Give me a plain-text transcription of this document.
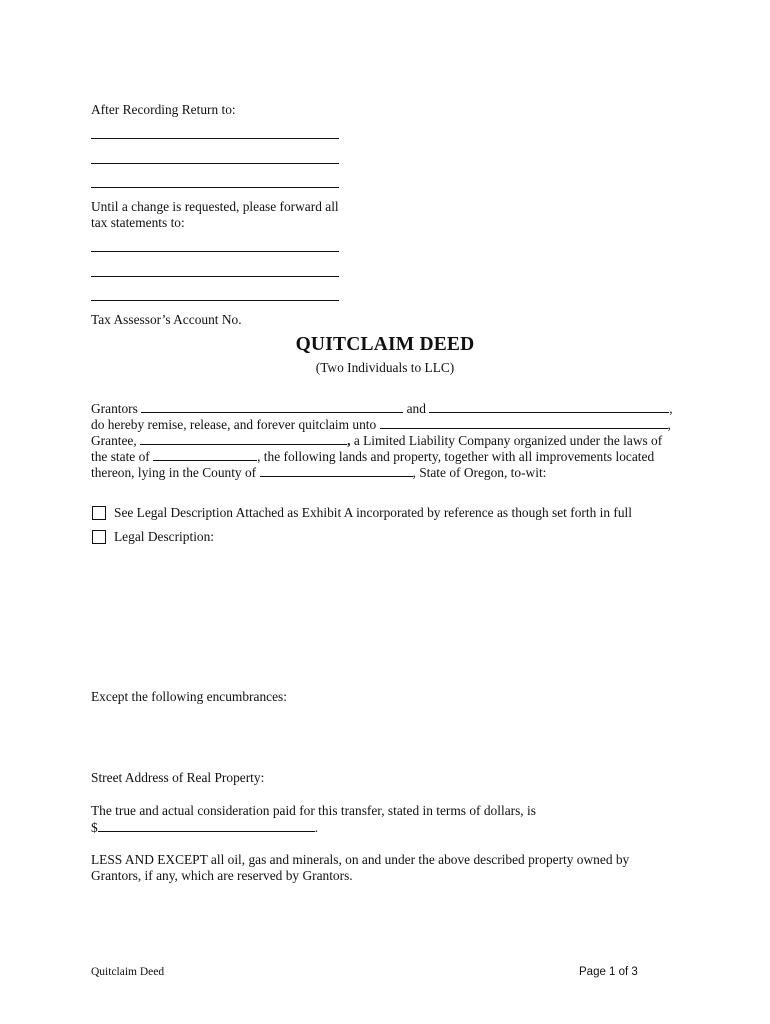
After Recording Return to:
Until a change is requested, please forward all
tax statements to:
Tax Assessor’s Account No.
QUITCLAIM DEED
(Two Individuals to LLC)
Grantors	and	,
do hereby remise, release, and forever quitclaim unto	,
Grantee,	, a Limited Liability Company organized under the laws of
the state of	, the following lands and property, together with all improvements located
thereon, lying in the County of	, State of Oregon, to-wit:
See Legal Description Attached as Exhibit A incorporated by reference as though set forth in full
Legal Description:
Except the following encumbrances:
Street Address of Real Property:
The true and actual consideration paid for this transfer, stated in terms of dollars, is
$	.
LESS AND EXCEPT all oil, gas and minerals, on and under the above described property owned by
Grantors, if any, which are reserved by Grantors.
Quitclaim Deed	Page 1 of 3
